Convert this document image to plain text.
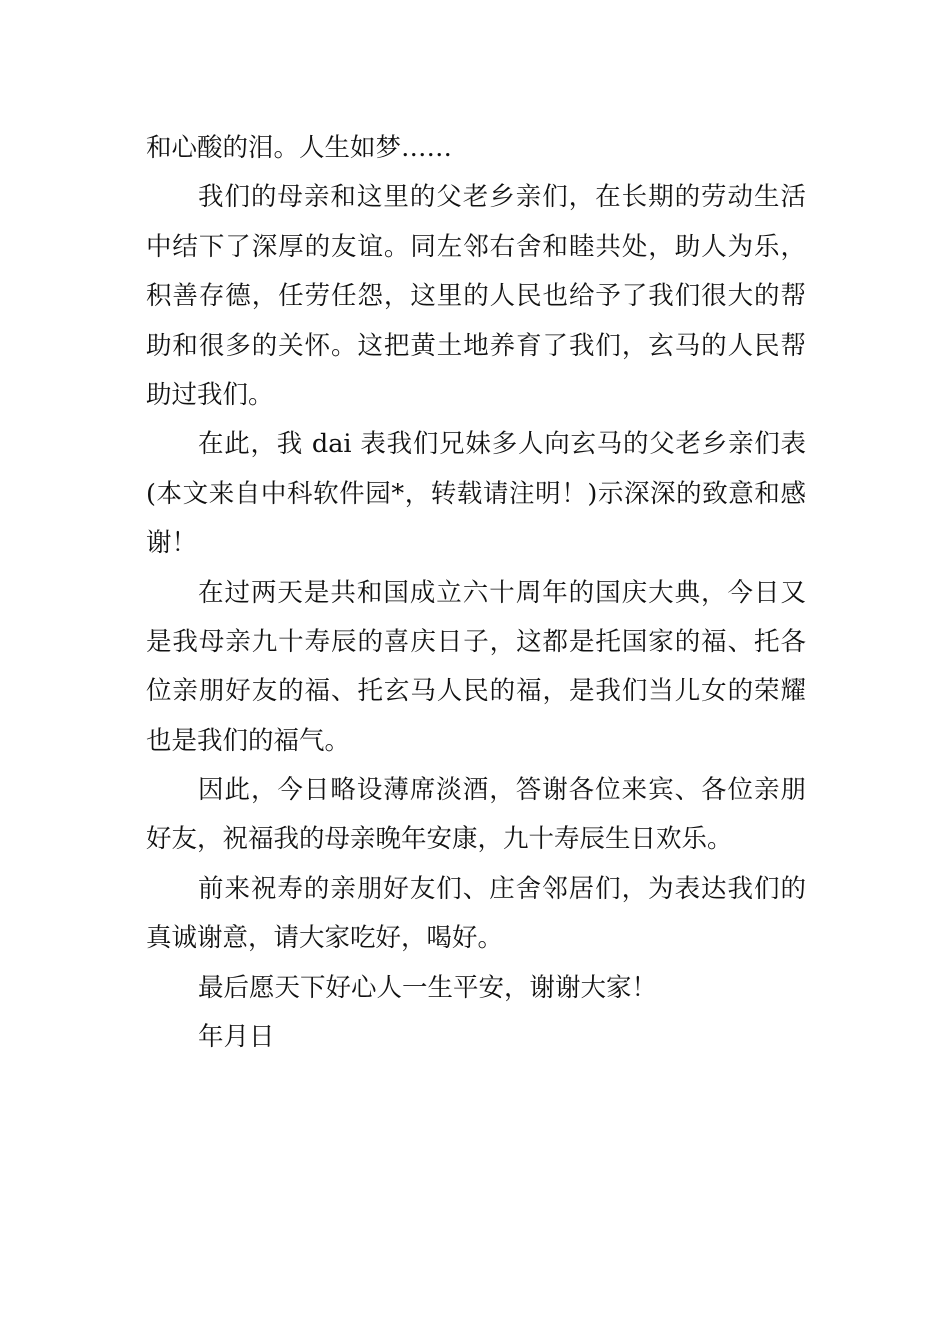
和心酸的泪。人生如梦……
我们的母亲和这里的父老乡亲们，在长期的劳动生活
中结下了深厚的友谊。同左邻右舍和睦共处，助人为乐，
积善存德，任劳任怨，这里的人民也给予了我们很大的帮
助和很多的关怀。这把黄土地养育了我们，玄马的人民帮
助过我们。
在此，我 dai 表我们兄妹多人向玄马的父老乡亲们表
(本文来自中科软件园*，转载请注明！)示深深的致意和感
谢！
在过两天是共和国成立六十周年的国庆大典，今日又
是我母亲九十寿辰的喜庆日子，这都是托国家的福、托各
位亲朋好友的福、托玄马人民的福，是我们当儿女的荣耀
也是我们的福气。
因此，今日略设薄席淡酒，答谢各位来宾、各位亲朋
好友，祝福我的母亲晚年安康，九十寿辰生日欢乐。
前来祝寿的亲朋好友们、庄舍邻居们，为表达我们的
真诚谢意，请大家吃好，喝好。
最后愿天下好心人一生平安，谢谢大家！
年月日
